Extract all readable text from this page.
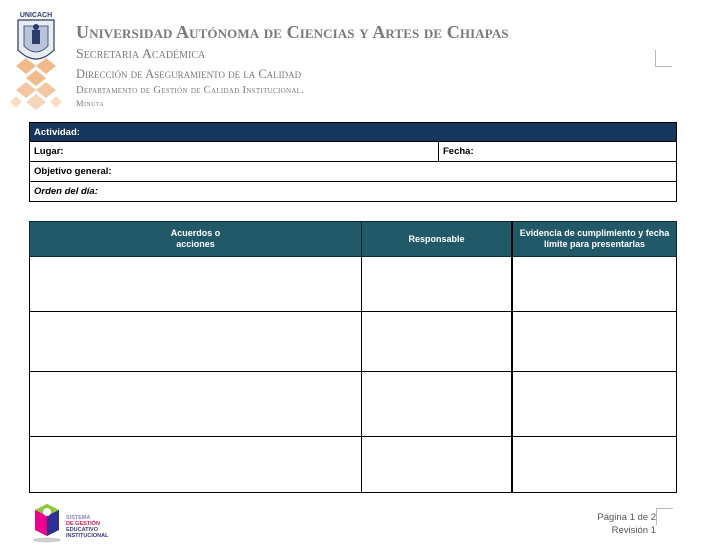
UNICACH
Universidad Autónoma de Ciencias y Artes de Chiapas
Secretaria Académica
Dirección de Aseguramiento de la Calidad
Departamento de Gestión de Calidad Institucional.
Minuta
Actividad:
Lugar:	Fecha:
Objetivo general:
Orden del día:
Acuerdos o
acciones	Responsable	Evidencia de cumplimiento y fecha
límite para presentarlas

SISTEMA
DE GESTIÓN
EDUCATIVO
INSTITUCIONAL
Página 1 de 2
Revisión 1
